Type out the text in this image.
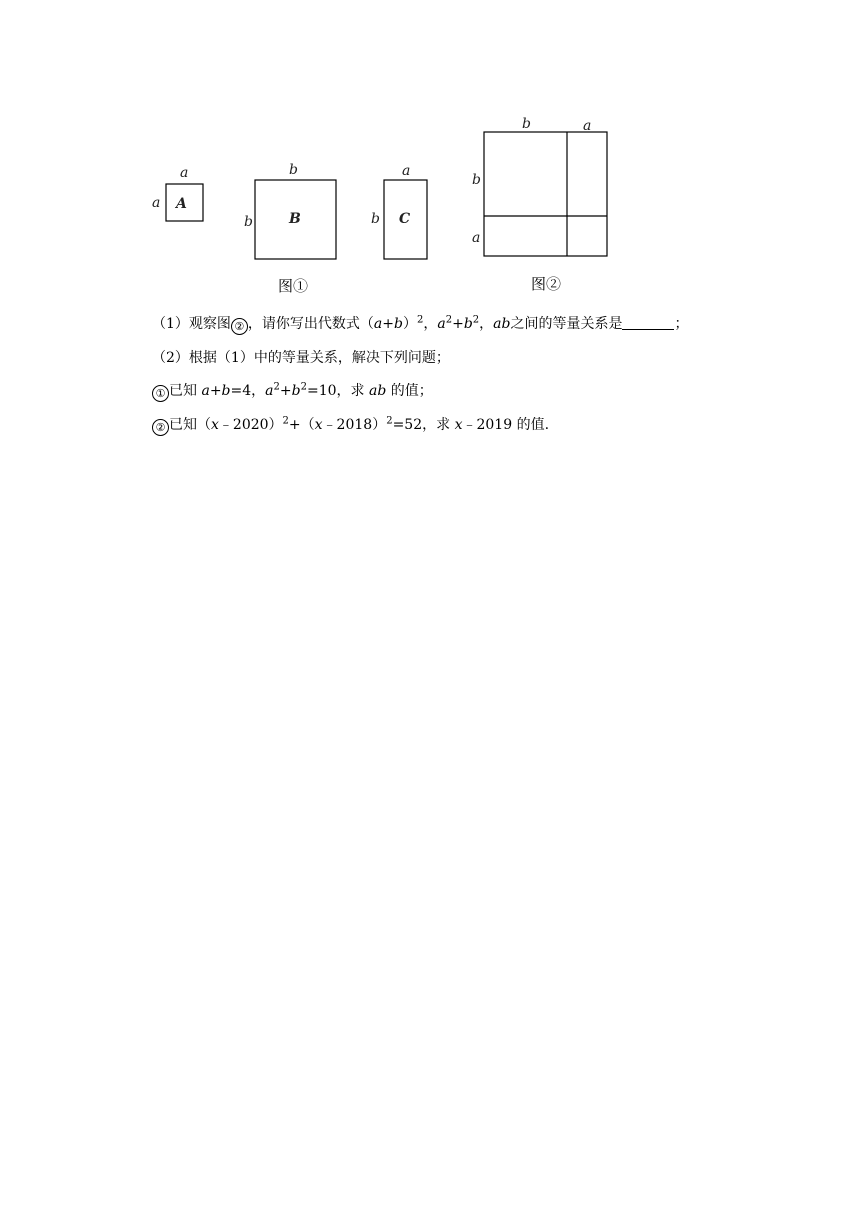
a
a A
b
b	B
a
b C
b	a
b
a
图①	图②
（1）观察图 ② ，请你写出代数式$(a+b)^2$，$a^2+b^2$，ab之间的等量关系是	；
（2）根据（1）中的等量关系，解决下列问题；
① 已知 a+b=4，$a^2+b^2=10$，求 ab 的值；
② 已知（x﹣2020）$^2$+（x﹣2018）$^2$=52，求 x﹣2019 的值.
